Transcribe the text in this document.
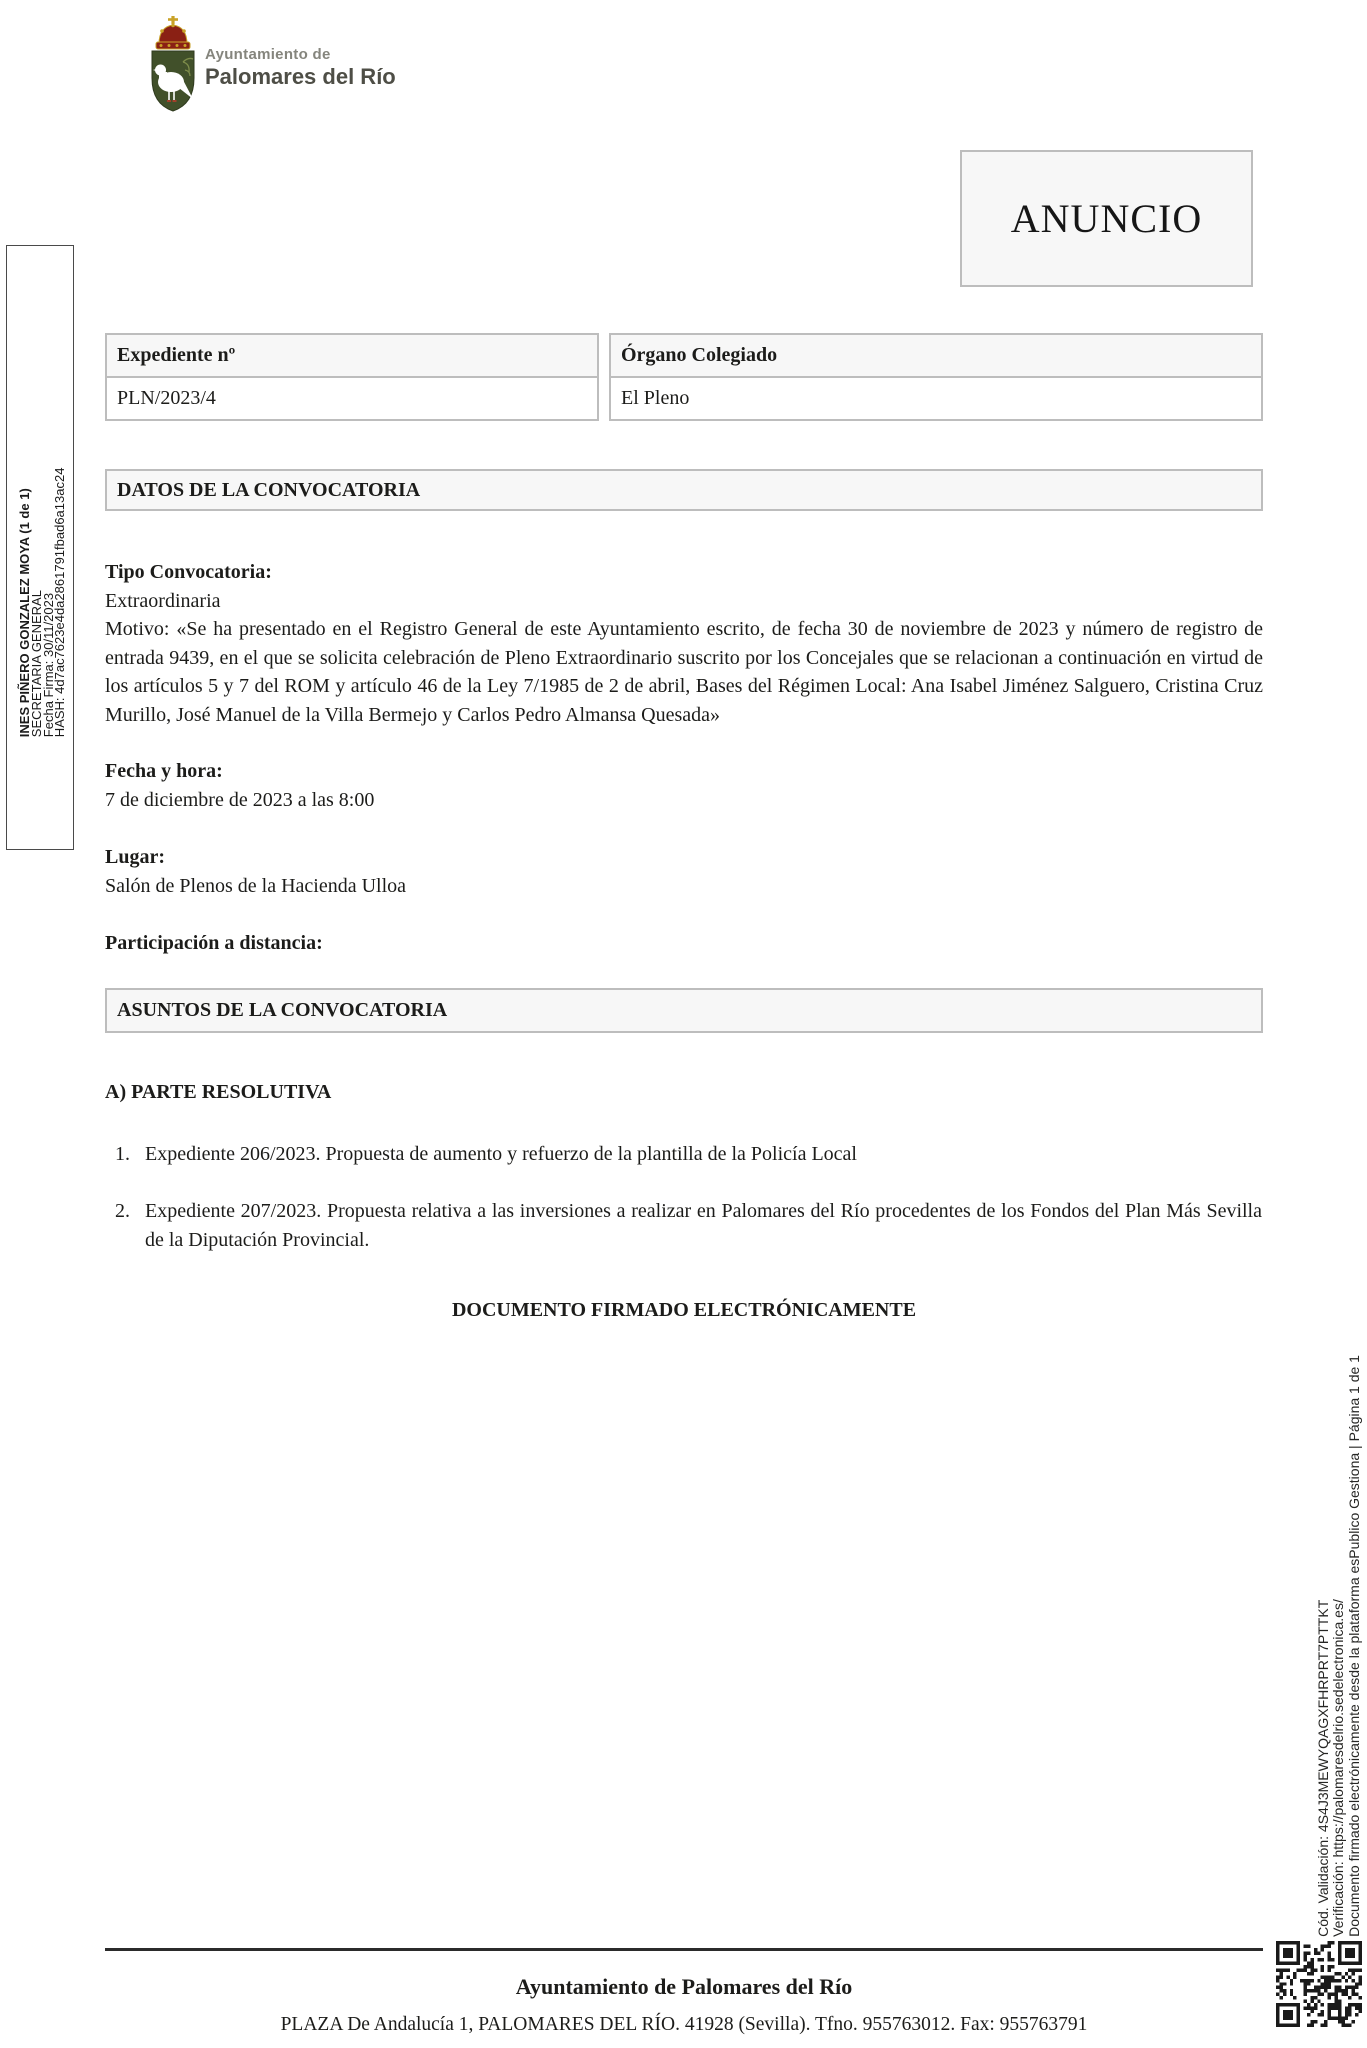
Ayuntamiento de
Palomares del Río
ANUNCIO
Expediente nº	Órgano Colegiado
PLN/2023/4	El Pleno
DATOS DE LA CONVOCATORIA
Tipo Convocatoria:
Extraordinaria
Motivo: «Se ha presentado en el Registro General de este Ayuntamiento escrito, de fecha 30 de noviembre de 2023 y número de registro de entrada 9439, en el que se solicita celebración de Pleno Extraordinario suscrito por los Concejales que se relacionan a continuación en virtud de los artículos 5 y 7 del ROM y artículo 46 de la Ley 7/1985 de 2 de abril, Bases del Régimen Local: Ana Isabel Jiménez Salguero, Cristina Cruz Murillo, José Manuel de la Villa Bermejo y Carlos Pedro Almansa Quesada»
Fecha y hora:
7 de diciembre de 2023 a las 8:00
Lugar:
Salón de Plenos de la Hacienda Ulloa
Participación a distancia:
ASUNTOS DE LA CONVOCATORIA
A) PARTE RESOLUTIVA
1. Expediente 206/2023. Propuesta de aumento y refuerzo de la plantilla de la Policía Local
2. Expediente 207/2023. Propuesta relativa a las inversiones a realizar en Palomares del Río procedentes de los Fondos del Plan Más Sevilla de la Diputación Provincial.
DOCUMENTO FIRMADO ELECTRÓNICAMENTE
INES PIÑERO GONZALEZ MOYA (1 de 1)
SECRETARIA GENERAL
Fecha Firma: 30/11/2023
HASH: 4d7ac7623e4da2861791fbad6a13ac24
Cód. Validación: 4S4J3MEWYQAGXFHRPRT7PTTKT Verificación: https://palomaresdelrio.sedelectronica.es/ Documento firmado electrónicamente desde la plataforma esPublico Gestiona | Página 1 de 1
Ayuntamiento de Palomares del Río
PLAZA De Andalucía 1, PALOMARES DEL RÍO. 41928 (Sevilla). Tfno. 955763012. Fax: 955763791
